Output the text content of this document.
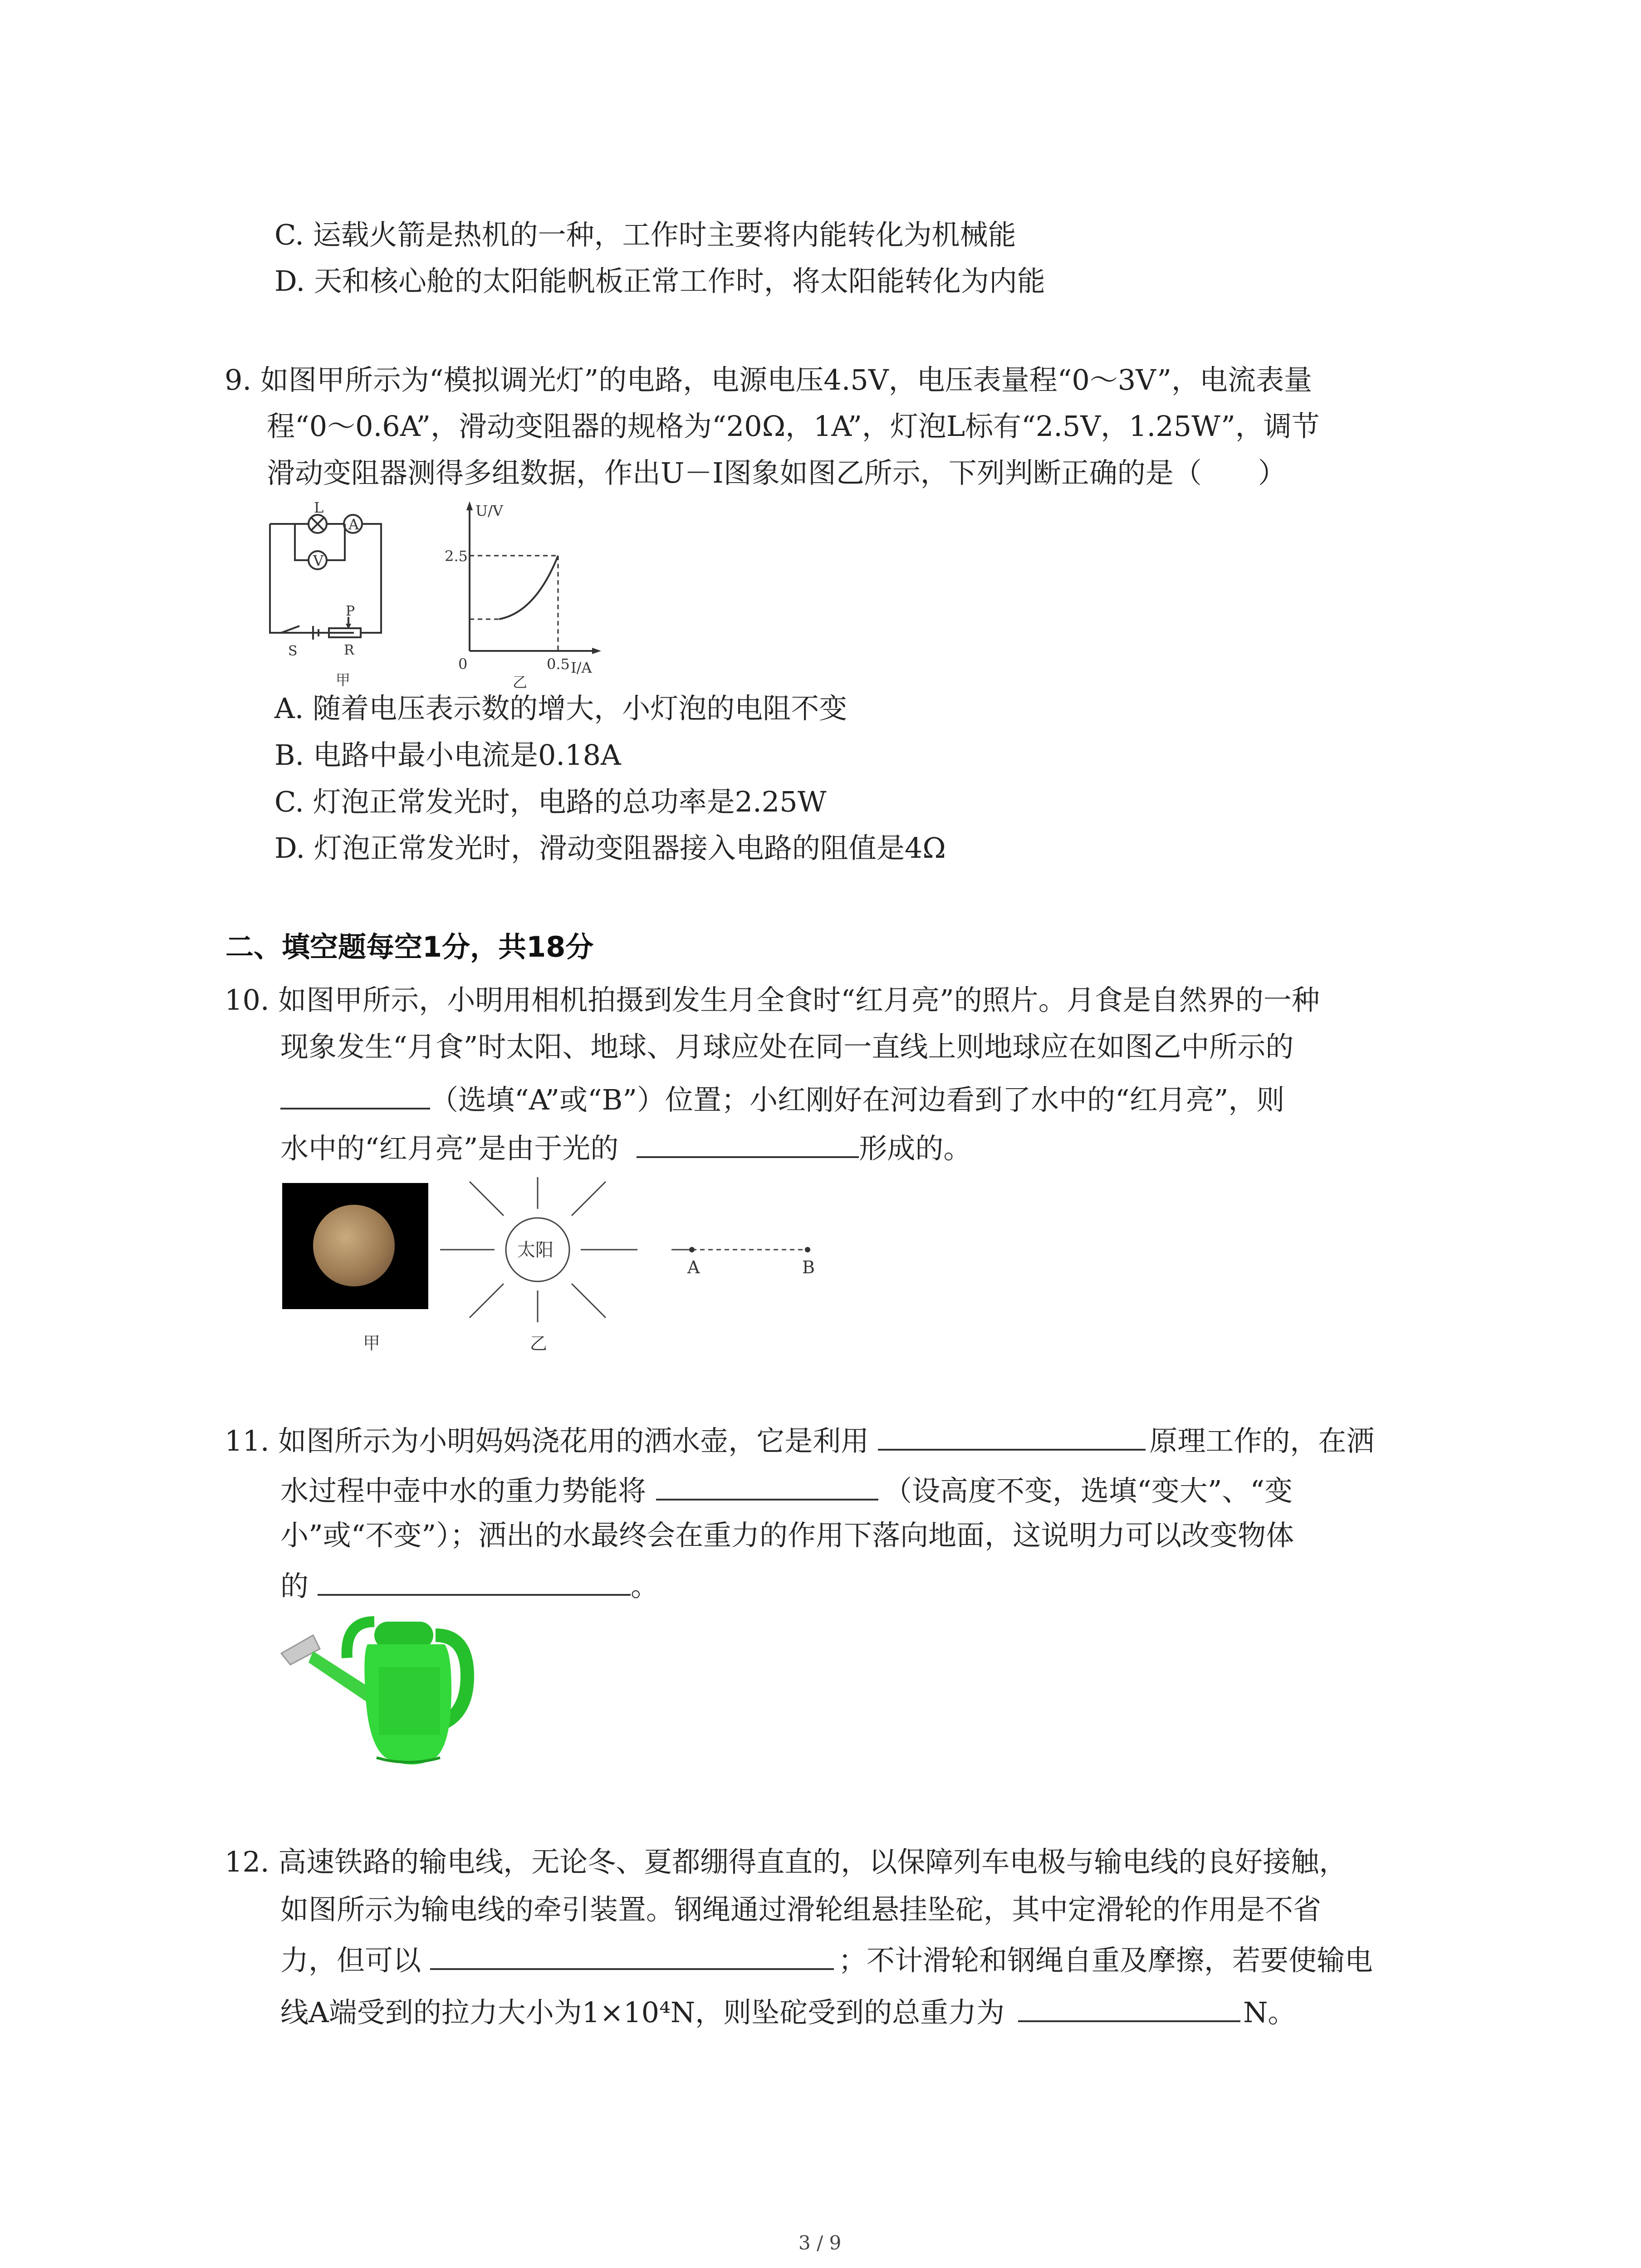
C. 运载火箭是热机的一种，工作时主要将内能转化为机械能
D. 天和核心舱的太阳能帆板正常工作时，将太阳能转化为内能
9. 如图甲所示为“模拟调光灯”的电路，电源电压4.5V，电压表量程“0～3V”，电流表量
程“0～0.6A”，滑动变阻器的规格为“20Ω，1A”，灯泡L标有“2.5V，1.25W”，调节
滑动变阻器测得多组数据，作出U－I图象如图乙所示，下列判断正确的是（　　）
L
A
V
S
P
R
甲
U/V
2.5
0	0.5 I/A
乙
A. 随着电压表示数的增大，小灯泡的电阻不变
B. 电路中最小电流是0.18A
C. 灯泡正常发光时，电路的总功率是2.25W
D. 灯泡正常发光时，滑动变阻器接入电路的阻值是4Ω
二、填空题每空1分，共18分
10. 如图甲所示，小明用相机拍摄到发生月全食时“红月亮”的照片。月食是自然界的一种
现象发生“月食”时太阳、地球、月球应处在同一直线上则地球应在如图乙中所示的
（选填“A”或“B”）位置；小红刚好在河边看到了水中的“红月亮”，则
水中的“红月亮”是由于光的	形成的。
甲
太阳
A	B
乙
11. 如图所示为小明妈妈浇花用的洒水壶，它是利用	原理工作的，在洒
水过程中壶中水的重力势能将	（设高度不变，选填“变大”、“变
小”或“不变”）；洒出的水最终会在重力的作用下落向地面，这说明力可以改变物体
的	。
12. 高速铁路的输电线，无论冬、夏都绷得直直的，以保障列车电极与输电线的良好接触，
如图所示为输电线的牵引装置。钢绳通过滑轮组悬挂坠砣，其中定滑轮的作用是不省
力，但可以	；不计滑轮和钢绳自重及摩擦，若要使输电
线A端受到的拉力大小为1×10⁴N，则坠砣受到的总重力为	N。
3 / 9
